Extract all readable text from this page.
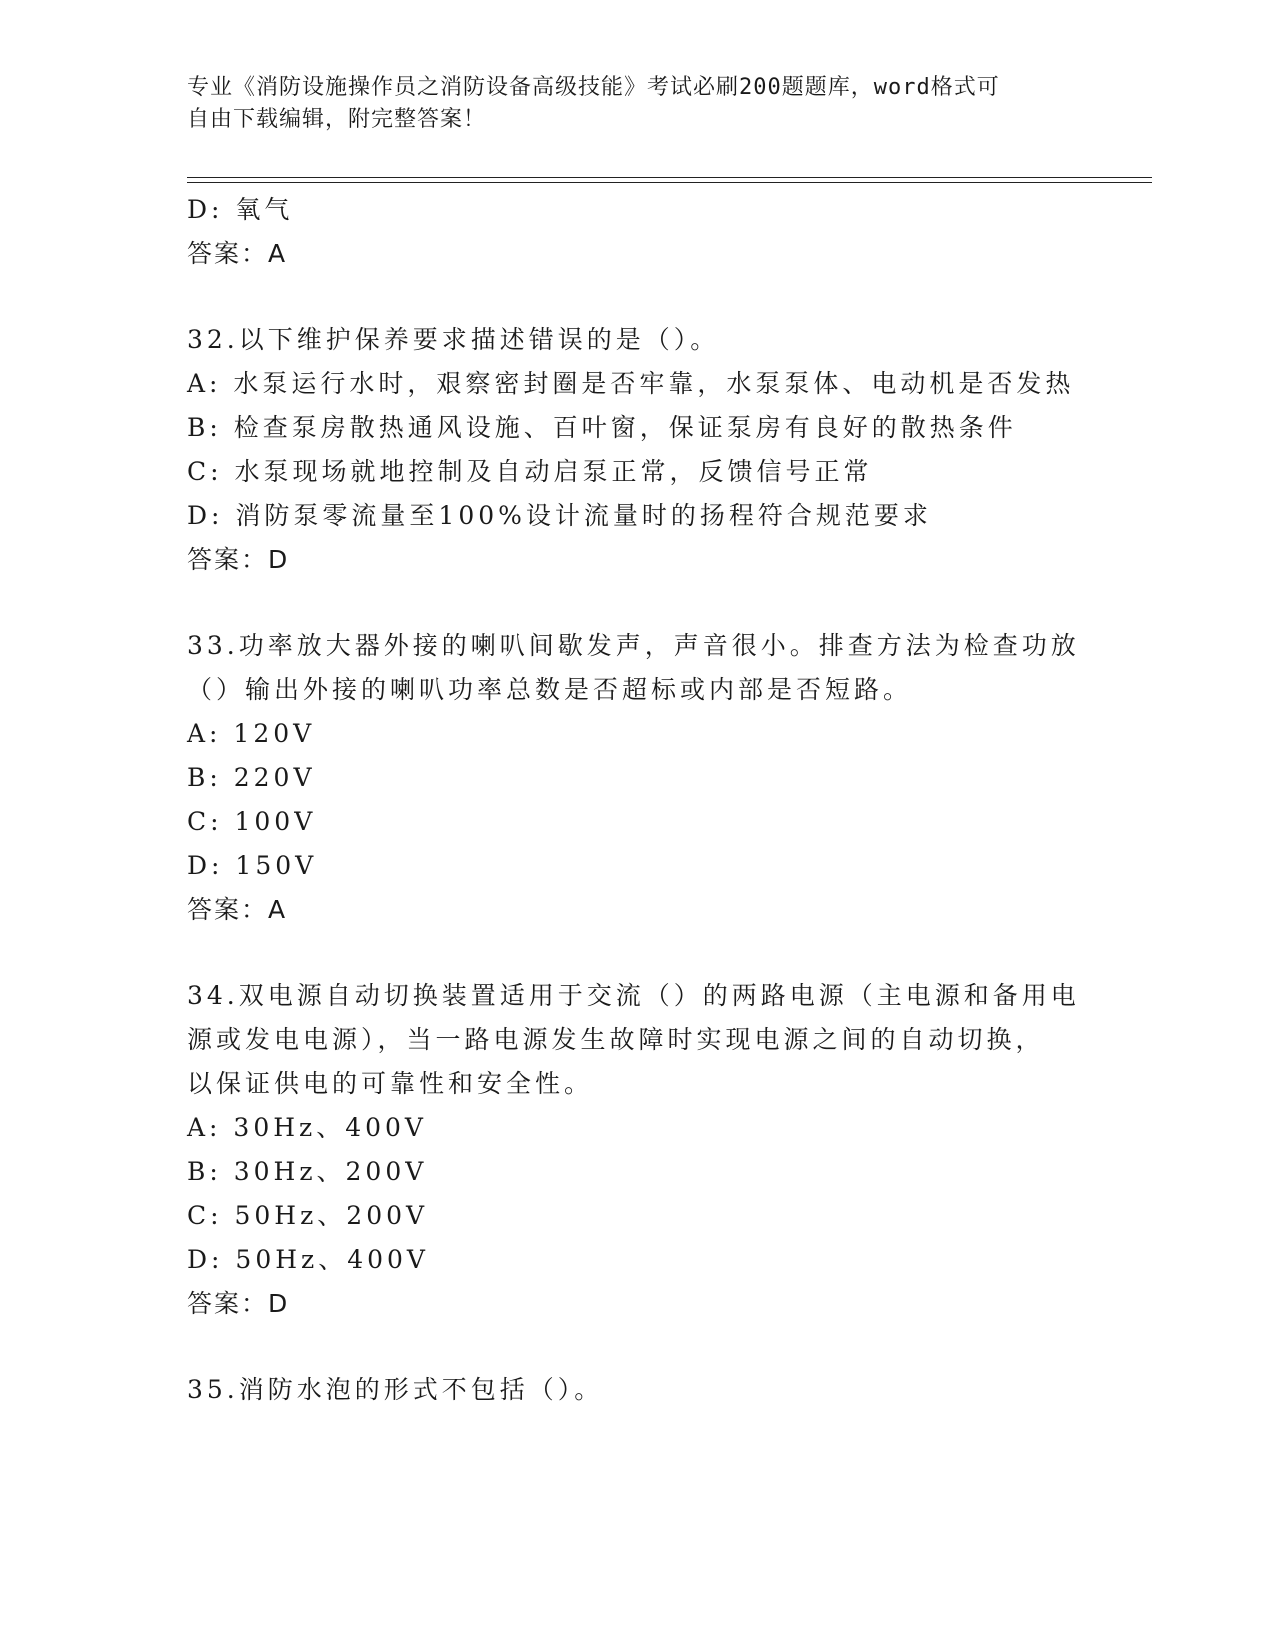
专业《消防设施操作员之消防设备高级技能》考试必刷200题题库，word格式可
自由下载编辑，附完整答案！
D: 氧气
答案：A
32.以下维护保养要求描述错误的是（）。
A: 水泵运行水时，艰察密封圈是否牢靠，水泵泵体、电动机是否发热
B: 检查泵房散热通风设施、百叶窗，保证泵房有良好的散热条件
C: 水泵现场就地控制及自动启泵正常，反馈信号正常
D: 消防泵零流量至100%设计流量时的扬程符合规范要求
答案：D
33.功率放大器外接的喇叭间歇发声，声音很小。排查方法为检查功放
（）输出外接的喇叭功率总数是否超标或内部是否短路。
A: 120V
B: 220V
C: 100V
D: 150V
答案：A
34.双电源自动切换装置适用于交流（）的两路电源（主电源和备用电
源或发电电源），当一路电源发生故障时实现电源之间的自动切换，
以保证供电的可靠性和安全性。
A: 30Hz、400V
B: 30Hz、200V
C: 50Hz、200V
D: 50Hz、400V
答案：D
35.消防水泡的形式不包括（）。
